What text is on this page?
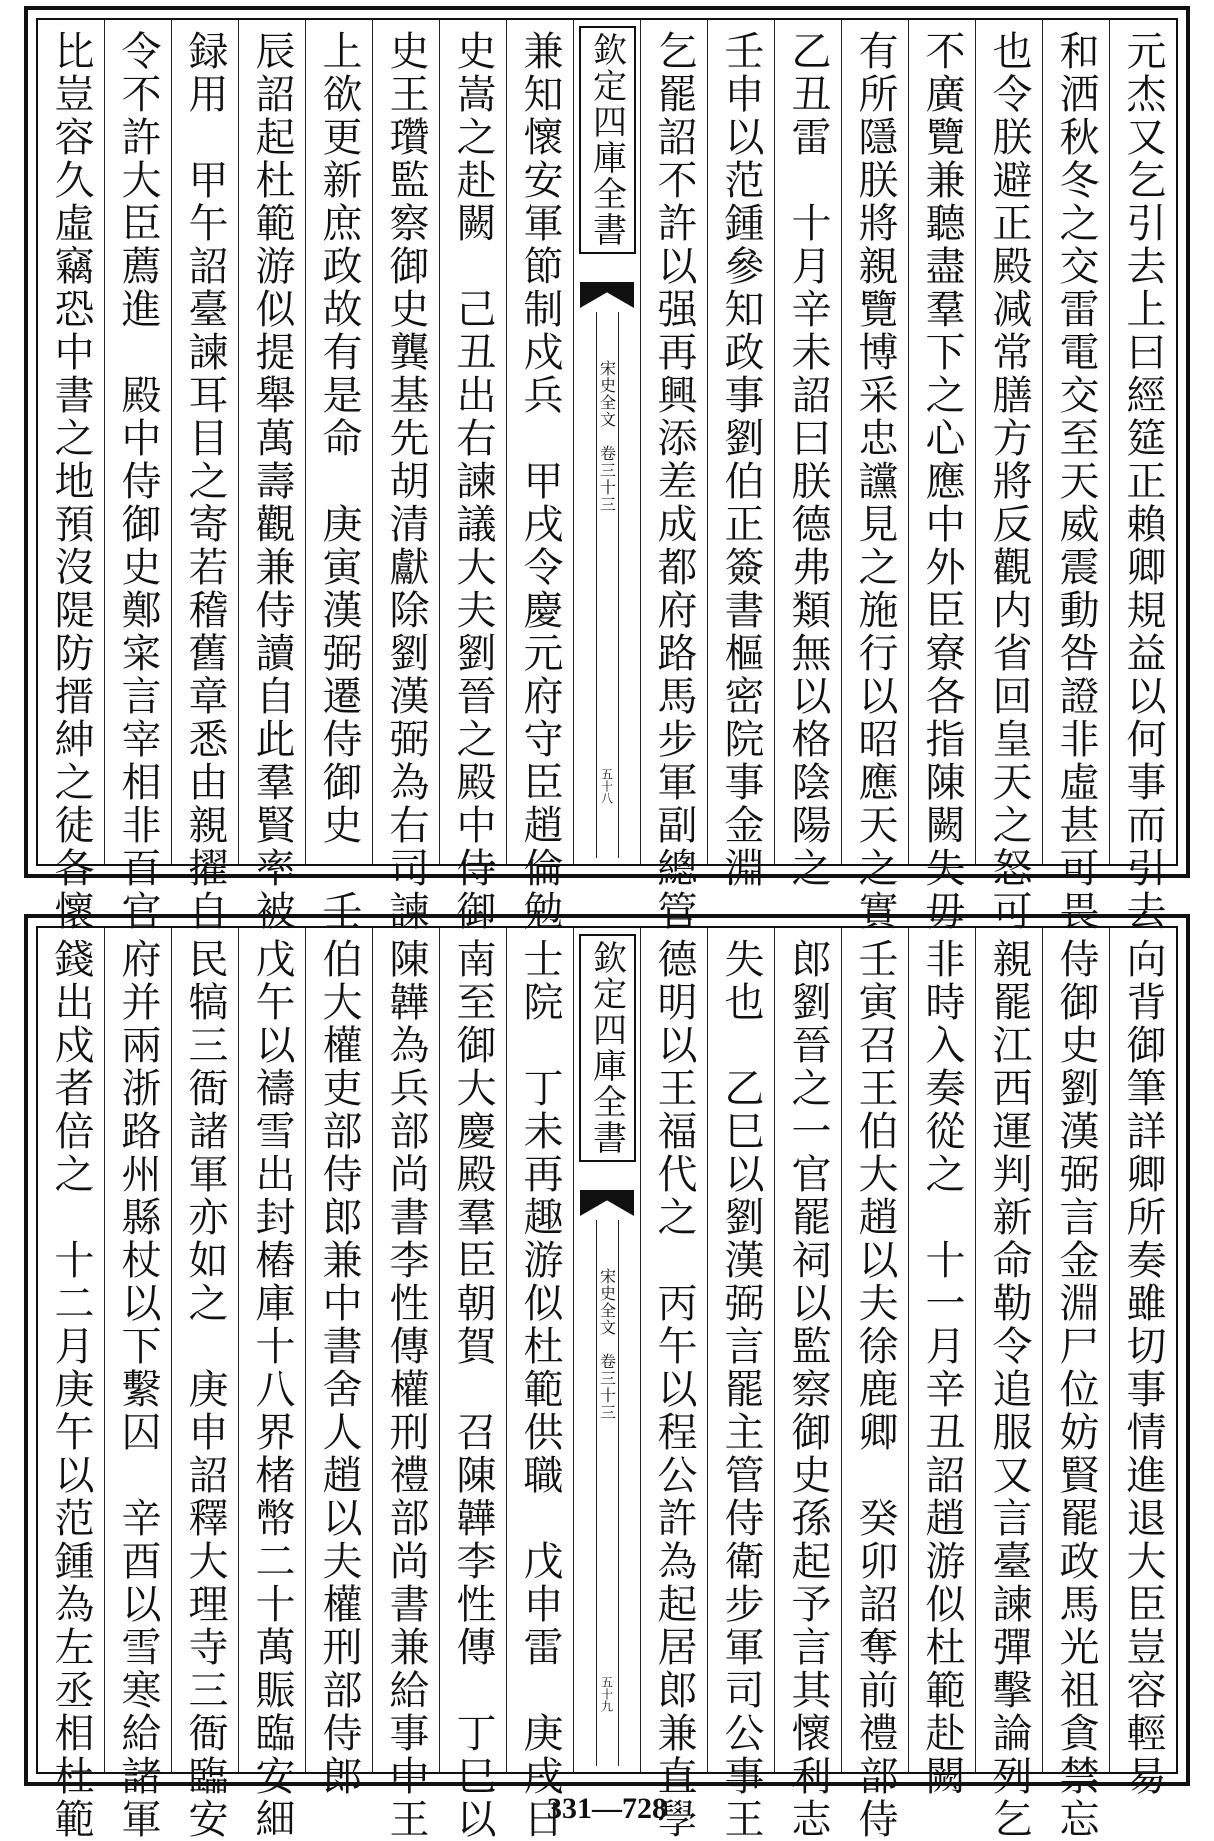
元杰又乞引去上曰經筵正賴卿規益以何事而引去
和洒秋冬之交雷電交至天威震動咎證非虛甚可畏
也令朕避正殿减常膳方將反觀内省回皇天之怒可
不廣覽兼聽盡羣下之心應中外臣寮各指陳闕失毋
有所隱朕將親覽博采忠讜見之施行以昭應天之實
乙丑雷　十月辛未詔曰朕德弗類無以格陰陽之
壬申以范鍾參知政事劉伯正簽書樞密院事金淵
乞罷詔不許以强再興添差成都府路馬步軍副總管
欽定四庫全書
宋史全文　卷三十三
五十八
兼知懷安軍節制戍兵　甲戌令慶元府守臣趙倫勉
史嵩之赴闕　己丑出右諫議大夫劉晉之殿中侍御
史王瓚監察御史龔基先胡清獻除劉漢弼為右司諫
上欲更新庶政故有是命　庚寅漢弼遷侍御史　壬
辰詔起杜範游似提舉萬壽觀兼侍讀自此羣賢率被
録用　甲午詔臺諫耳目之寄若稽舊章悉由親擢自
令不許大臣薦進　殿中侍御史鄭寀言宰相非百官
比豈容久虛竊恐中書之地預沒隄防搢紳之徒各懷
向背御筆詳卿所奏雖切事情進退大臣豈容輕易
侍御史劉漢弼言金淵尸位妨賢罷政馬光祖貪禁忘
親罷江西運判新命勒令追服又言臺諫彈擊論列乞
非時入奏從之　十一月辛丑詔趙游似杜範赴闕
壬寅召王伯大趙以夫徐鹿卿　癸卯詔奪前禮部侍
郎劉晉之一官罷祠以監察御史孫起予言其懷利志
失也　乙巳以劉漢弼言罷主管侍衛步軍司公事王
德明以王福代之　丙午以程公許為起居郎兼直學
欽定四庫全書
宋史全文　卷三十三
五十九
士院　丁未再趣游似杜範供職　戊申雷　庚戌日
南至御大慶殿羣臣朝賀　召陳韡李性傳　丁巳以
陳韡為兵部尚書李性傳權刑禮部尚書兼給事中王
伯大權吏部侍郎兼中書舍人趙以夫權刑部侍郎
戊午以禱雪出封樁庫十八界楮幣二十萬賑臨安細
民犒三衙諸軍亦如之　庚申詔釋大理寺三衙臨安
府并兩浙路州縣杖以下繫囚　辛酉以雪寒給諸軍
錢出戍者倍之　十二月庚午以范鍾為左丞相杜範	331—728
